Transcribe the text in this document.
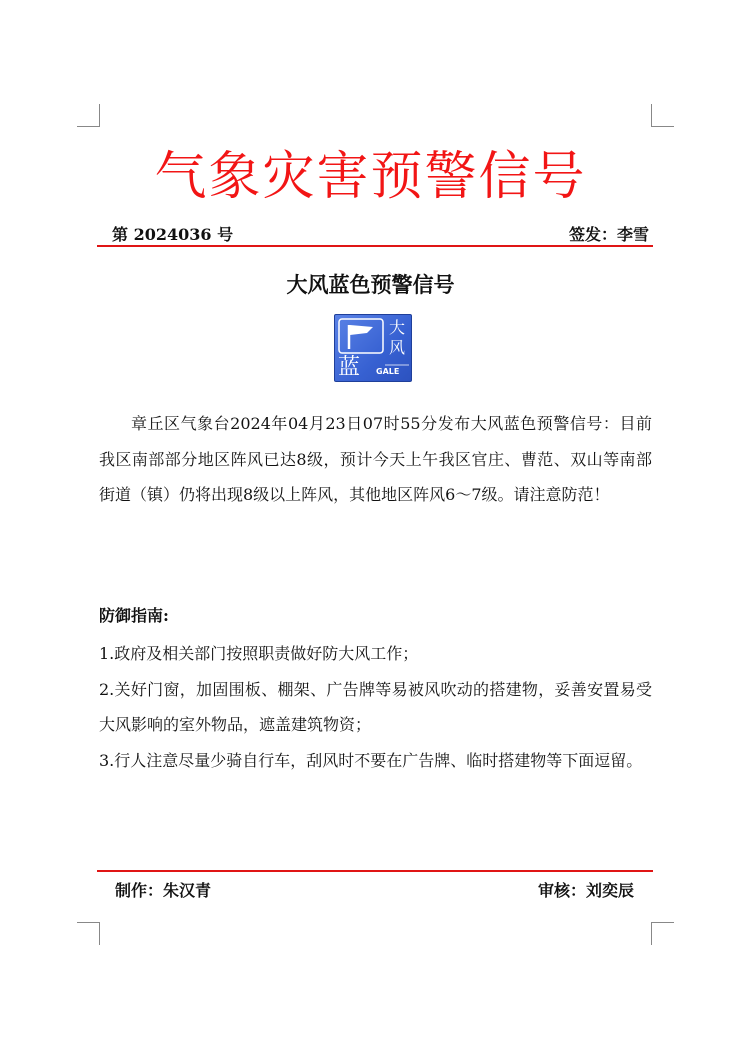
气象灾害预警信号
第 2024036 号	签发：李雪
大风蓝色预警信号
大
风
蓝 GALE
章丘区气象台2024年04月23日07时55分发布大风蓝色预警信号：目前我区南部部分地区阵风已达8级，预计今天上午我区官庄、曹范、双山等南部街道（镇）仍将出现8级以上阵风，其他地区阵风6～7级。请注意防范！
防御指南:
1.政府及相关部门按照职责做好防大风工作；
2.关好门窗，加固围板、棚架、广告牌等易被风吹动的搭建物，妥善安置易受大风影响的室外物品，遮盖建筑物资；
3.行人注意尽量少骑自行车，刮风时不要在广告牌、临时搭建物等下面逗留。
制作：朱汉青	审核：刘奕辰
